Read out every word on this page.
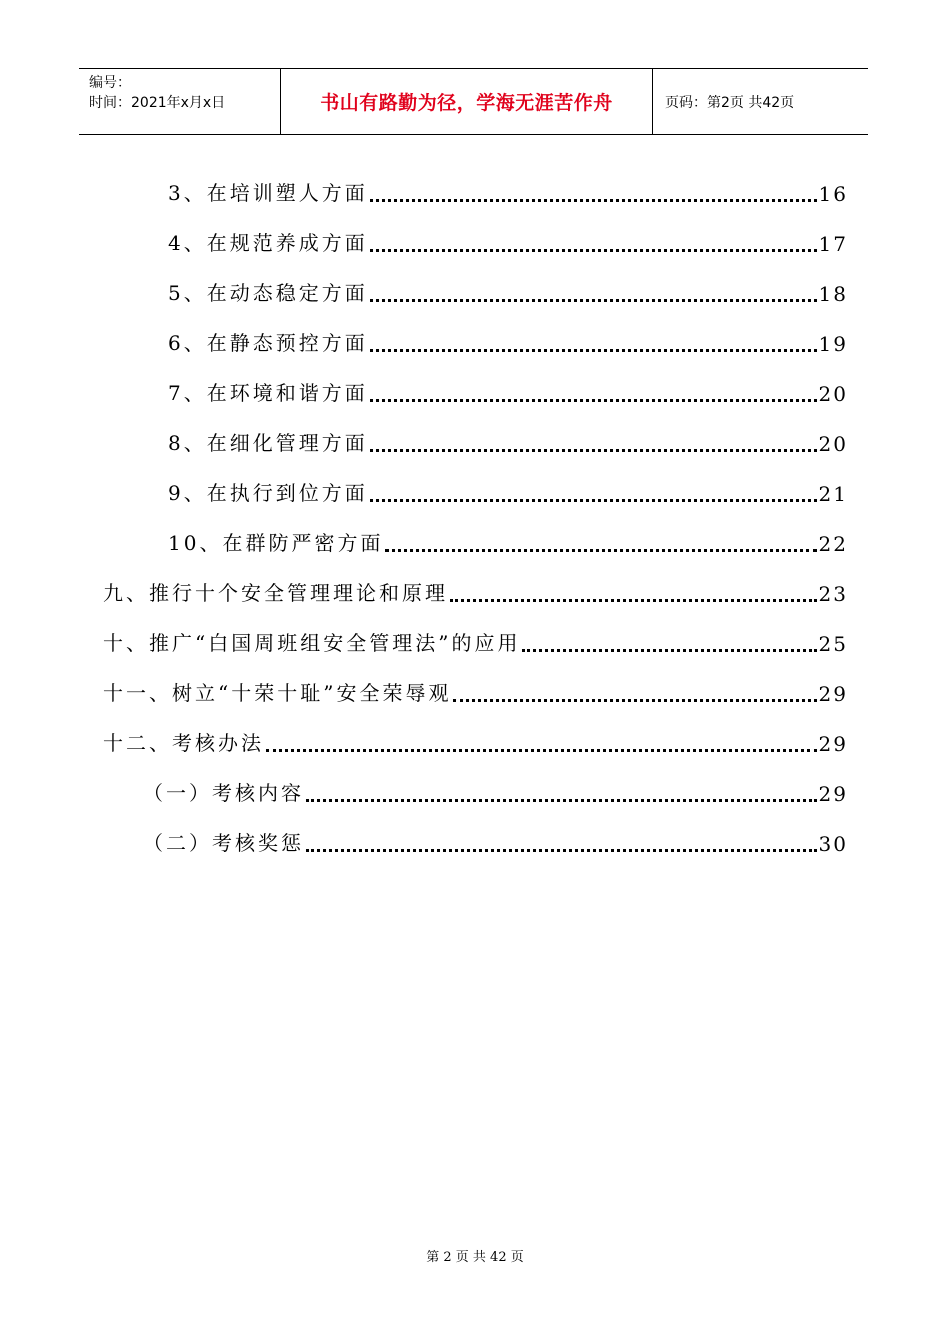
编号：
时间：2021年x月x日	书山有路勤为径，学海无涯苦作舟	页码：第2页 共42页
3、在培训塑人方面	16
4、在规范养成方面	17
5、在动态稳定方面	18
6、在静态预控方面	19
7、在环境和谐方面	20
8、在细化管理方面	20
9、在执行到位方面	21
10、在群防严密方面	22
九、推行十个安全管理理论和原理	23
十、推广“白国周班组安全管理法”的应用	25
十一、树立“十荣十耻”安全荣辱观	29
十二、考核办法	29
（一）考核内容	29
（二）考核奖惩	30
第 2 页 共 42 页
